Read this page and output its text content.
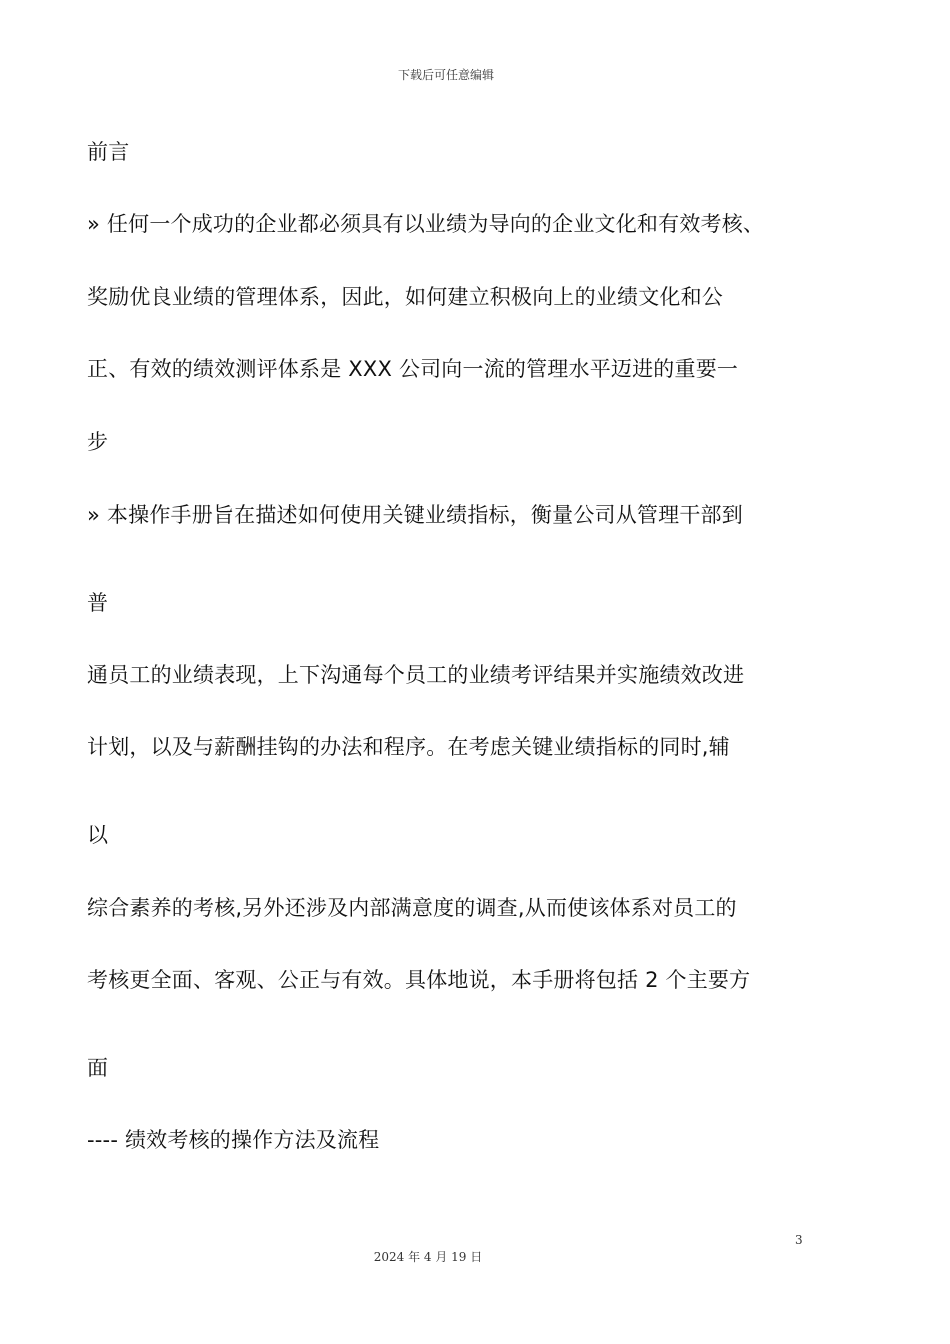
下载后可任意编辑
前言
» 任何一个成功的企业都必须具有以业绩为导向的企业文化和有效考核、
奖励优良业绩的管理体系，因此，如何建立积极向上的业绩文化和公
正、有效的绩效测评体系是 XXX 公司向一流的管理水平迈进的重要一
步
» 本操作手册旨在描述如何使用关键业绩指标，衡量公司从管理干部到
普
通员工的业绩表现，上下沟通每个员工的业绩考评结果并实施绩效改进
计划，以及与薪酬挂钩的办法和程序。在考虑关键业绩指标的同时,辅
以
综合素养的考核,另外还涉及内部满意度的调查,从而使该体系对员工的
考核更全面、客观、公正与有效。具体地说，本手册将包括 2 个主要方
面
---- 绩效考核的操作方法及流程
3
2024 年 4 月 19 日
